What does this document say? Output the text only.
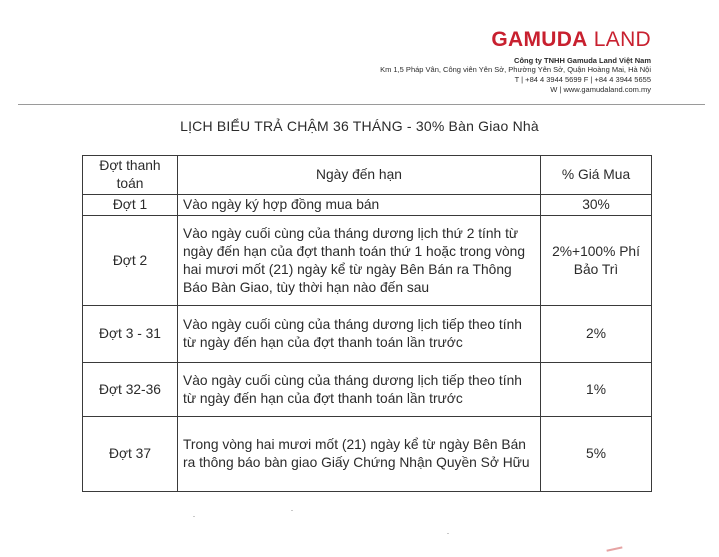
GAMUDA LAND
Công ty TNHH Gamuda Land Việt Nam
Km 1,5 Pháp Vân, Công viên Yên Sở, Phường Yên Sở, Quận Hoàng Mai, Hà Nội
T | +84 4 3944 5699 F | +84 4 3944 5655
W | www.gamudaland.com.my
LỊCH BIỂU TRẢ CHẬM 36 THÁNG - 30% Bàn Giao Nhà
Đợt thanh toán	Ngày đến hạn	% Giá Mua
Đợt 1	Vào ngày ký hợp đồng mua bán	30%
Đợt 2	Vào ngày cuối cùng của tháng dương lịch thứ 2 tính từ ngày đến hạn của đợt thanh toán thứ 1 hoặc trong vòng hai mươi mốt (21) ngày kể từ ngày Bên Bán ra Thông Báo Bàn Giao, tùy thời hạn nào đến sau	2%+100% Phí Bảo Trì
Đợt 3 - 31	Vào ngày cuối cùng của tháng dương lịch tiếp theo tính từ ngày đến hạn của đợt thanh toán lần trước	2%
Đợt 32-36	Vào ngày cuối cùng của tháng dương lịch tiếp theo tính từ ngày đến hạn của đợt thanh toán lần trước	1%
Đợt 37	Trong vòng hai mươi mốt (21) ngày kể từ ngày Bên Bán ra thông báo bàn giao Giấy Chứng Nhận Quyền Sở Hữu	5%
